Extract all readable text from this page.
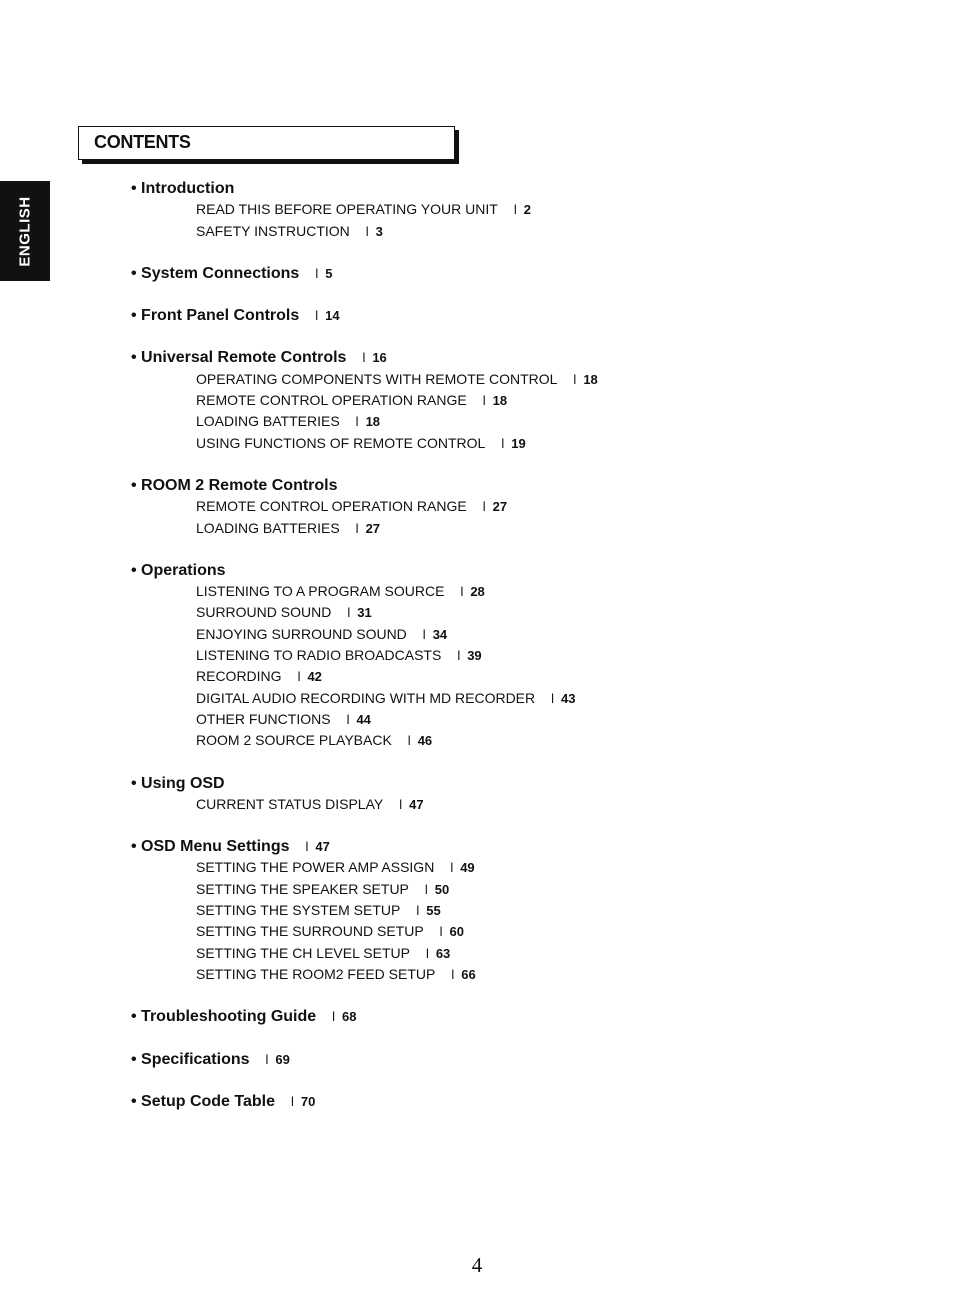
ENGLISH
CONTENTS
• Introduction
READ THIS BEFORE OPERATING YOUR UNIT l 2
SAFETY INSTRUCTION l 3
• System Connections l 5
• Front Panel Controls l 14
• Universal Remote Controls l 16
OPERATING COMPONENTS WITH REMOTE CONTROL l 18
REMOTE CONTROL OPERATION RANGE l 18
LOADING BATTERIES l 18
USING FUNCTIONS OF REMOTE CONTROL l 19
• ROOM 2 Remote Controls
REMOTE CONTROL OPERATION RANGE l 27
LOADING BATTERIES l 27
• Operations
LISTENING TO A PROGRAM SOURCE l 28
SURROUND SOUND l 31
ENJOYING SURROUND SOUND l 34
LISTENING TO RADIO BROADCASTS l 39
RECORDING l 42
DIGITAL AUDIO RECORDING WITH MD RECORDER l 43
OTHER FUNCTIONS l 44
ROOM 2 SOURCE PLAYBACK l 46
• Using OSD
CURRENT STATUS DISPLAY l 47
• OSD Menu Settings l 47
SETTING THE POWER AMP ASSIGN l 49
SETTING THE SPEAKER SETUP l 50
SETTING THE SYSTEM SETUP l 55
SETTING THE SURROUND SETUP l 60
SETTING THE CH LEVEL SETUP l 63
SETTING THE ROOM2 FEED SETUP l 66
• Troubleshooting Guide l 68
• Specifications l 69
• Setup Code Table l 70
4
